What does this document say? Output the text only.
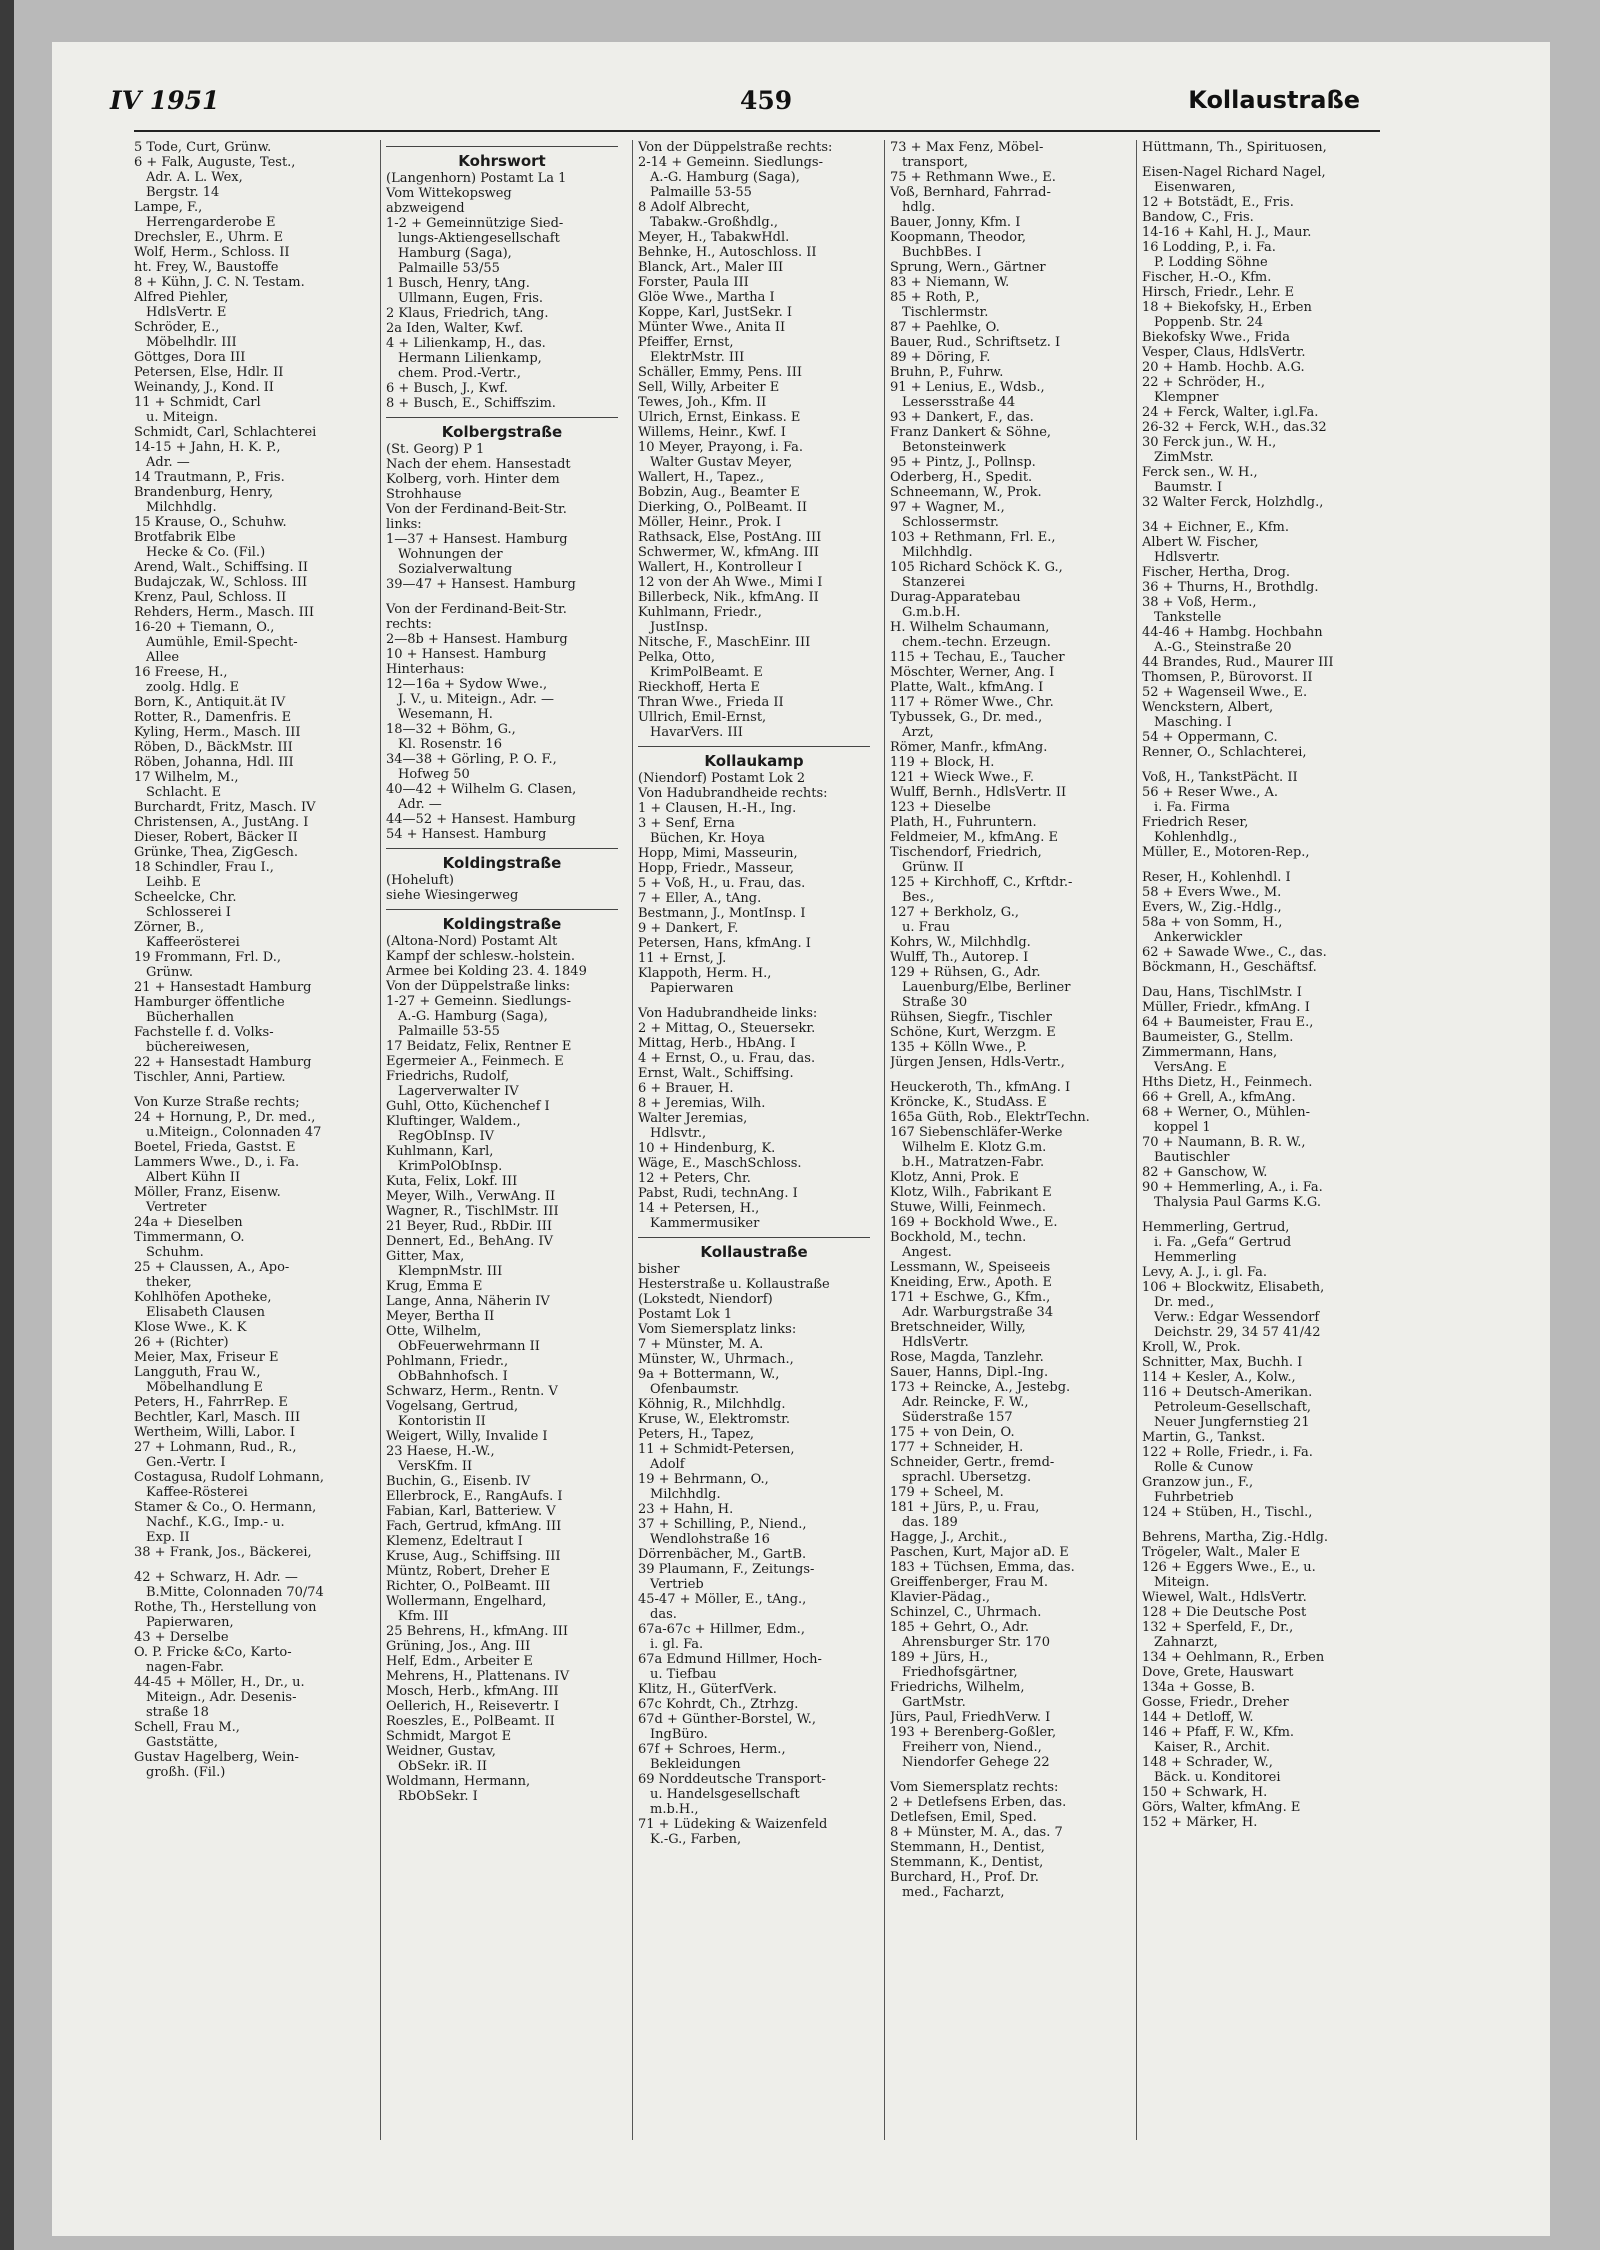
IV 1951	459	Kollaustraße
5 Tode, Curt, Grünw.
6 + Falk, Auguste, Test.,
Adr. A. L. Wex,
Bergstr. 14
Lampe, F.,
Herrengarderobe E
Drechsler, E., Uhrm. E
Wolf, Herm., Schloss. II
ht. Frey, W., Baustoffe
8 + Kühn, J. C. N. Testam.
Alfred Piehler,
HdlsVertr. E
Schröder, E.,
Möbelhdlr. III
Göttges, Dora III
Petersen, Else, Hdlr. II
Weinandy, J., Kond. II
11 + Schmidt, Carl
u. Miteign.
Schmidt, Carl, Schlachterei
14-15 + Jahn, H. K. P.,
Adr. —
14 Trautmann, P., Fris.
Brandenburg, Henry,
Milchhdlg.
15 Krause, O., Schuhw.
Brotfabrik Elbe
Hecke & Co. (Fil.)
Arend, Walt., Schiffsing. II
Budajczak, W., Schloss. III
Krenz, Paul, Schloss. II
Rehders, Herm., Masch. III
16-20 + Tiemann, O.,
Aumühle, Emil-Specht-
Allee
16 Freese, H.,
zoolg. Hdlg. E
Born, K., Antiquit.ät IV
Rotter, R., Damenfris. E
Kyling, Herm., Masch. III
Röben, D., BäckMstr. III
Röben, Johanna, Hdl. III
17 Wilhelm, M.,
Schlacht. E
Burchardt, Fritz, Masch. IV
Christensen, A., JustAng. I
Dieser, Robert, Bäcker II
Grünke, Thea, ZigGesch.
18 Schindler, Frau I.,
Leihb. E
Scheelcke, Chr.
Schlosserei I
Zörner, B.,
Kaffeerösterei
19 Frommann, Frl. D.,
Grünw.
21 + Hansestadt Hamburg
Hamburger öffentliche
Bücherhallen
Fachstelle f. d. Volks-
büchereiwesen,
22 + Hansestadt Hamburg
Tischler, Anni, Partiew.
Von Kurze Straße rechts;
24 + Hornung, P., Dr. med.,
u.Miteign., Colonnaden 47
Boetel, Frieda, Gastst. E
Lammers Wwe., D., i. Fa.
Albert Kühn II
Möller, Franz, Eisenw.
Vertreter
24a + Dieselben
Timmermann, O.
Schuhm.
25 + Claussen, A., Apo-
theker,
Kohlhöfen Apotheke,
Elisabeth Clausen
Klose Wwe., K. K
26 + (Richter)
Meier, Max, Friseur E
Langguth, Frau W.,
Möbelhandlung E
Peters, H., FahrrRep. E
Bechtler, Karl, Masch. III
Wertheim, Willi, Labor. I
27 + Lohmann, Rud., R.,
Gen.-Vertr. I
Costagusa, Rudolf Lohmann,
Kaffee-Rösterei
Stamer & Co., O. Hermann,
Nachf., K.G., Imp.- u.
Exp. II
38 + Frank, Jos., Bäckerei,
42 + Schwarz, H. Adr. —
B.Mitte, Colonnaden 70/74
Rothe, Th., Herstellung von
Papierwaren,
43 + Derselbe
O. P. Fricke &Co, Karto-
nagen-Fabr.
44-45 + Möller, H., Dr., u.
Miteign., Adr. Desenis-
straße 18
Schell, Frau M.,
Gaststätte,
Gustav Hagelberg, Wein-
großh. (Fil.)
Kohrswort
(Langenhorn) Postamt La 1
Vom Wittekopsweg
abzweigend
1-2 + Gemeinnützige Sied-
lungs-Aktiengesellschaft
Hamburg (Saga),
Palmaille 53/55
1 Busch, Henry, tAng.
Ullmann, Eugen, Fris.
2 Klaus, Friedrich, tAng.
2a Iden, Walter, Kwf.
4 + Lilienkamp, H., das.
Hermann Lilienkamp,
chem. Prod.-Vertr.,
6 + Busch, J., Kwf.
8 + Busch, E., Schiffszim.
Kolbergstraße
(St. Georg) P 1
Nach der ehem. Hansestadt
Kolberg, vorh. Hinter dem
Strohhause
Von der Ferdinand-Beit-Str.
links:
1—37 + Hansest. Hamburg
Wohnungen der
Sozialverwaltung
39—47 + Hansest. Hamburg
Von der Ferdinand-Beit-Str.
rechts:
2—8b + Hansest. Hamburg
10 + Hansest. Hamburg
Hinterhaus:
12—16a + Sydow Wwe.,
J. V., u. Miteign., Adr. —
Wesemann, H.
18—32 + Böhm, G.,
Kl. Rosenstr. 16
34—38 + Görling, P. O. F.,
Hofweg 50
40—42 + Wilhelm G. Clasen,
Adr. —
44—52 + Hansest. Hamburg
54 + Hansest. Hamburg
Koldingstraße
(Hoheluft)
siehe Wiesingerweg
Koldingstraße
(Altona-Nord) Postamt Alt
Kampf der schlesw.-holstein.
Armee bei Kolding 23. 4. 1849
Von der Düppelstraße links:
1-27 + Gemeinn. Siedlungs-
A.-G. Hamburg (Saga),
Palmaille 53-55
17 Beidatz, Felix, Rentner E
Egermeier A., Feinmech. E
Friedrichs, Rudolf,
Lagerverwalter IV
Guhl, Otto, Küchenchef I
Kluftinger, Waldem.,
RegObInsp. IV
Kuhlmann, Karl,
KrimPolObInsp.
Kuta, Felix, Lokf. III
Meyer, Wilh., VerwAng. II
Wagner, R., TischlMstr. III
21 Beyer, Rud., RbDir. III
Dennert, Ed., BehAng. IV
Gitter, Max,
KlempnMstr. III
Krug, Emma E
Lange, Anna, Näherin IV
Meyer, Bertha II
Otte, Wilhelm,
ObFeuerwehrmann II
Pohlmann, Friedr.,
ObBahnhofsch. I
Schwarz, Herm., Rentn. V
Vogelsang, Gertrud,
Kontoristin II
Weigert, Willy, Invalide I
23 Haese, H.-W.,
VersKfm. II
Buchin, G., Eisenb. IV
Ellerbrock, E., RangAufs. I
Fabian, Karl, Batteriew. V
Fach, Gertrud, kfmAng. III
Klemenz, Edeltraut I
Kruse, Aug., Schiffsing. III
Müntz, Robert, Dreher E
Richter, O., PolBeamt. III
Wollermann, Engelhard,
Kfm. III
25 Behrens, H., kfmAng. III
Grüning, Jos., Ang. III
Helf, Edm., Arbeiter E
Mehrens, H., Plattenans. IV
Mosch, Herb., kfmAng. III
Oellerich, H., Reisevertr. I
Roeszles, E., PolBeamt. II
Schmidt, Margot E
Weidner, Gustav,
ObSekr. iR. II
Woldmann, Hermann,
RbObSekr. I
Von der Düppelstraße rechts:
2-14 + Gemeinn. Siedlungs-
A.-G. Hamburg (Saga),
Palmaille 53-55
8 Adolf Albrecht,
Tabakw.-Großhdlg.,
Meyer, H., TabakwHdl.
Behnke, H., Autoschloss. II
Blanck, Art., Maler III
Forster, Paula III
Glöe Wwe., Martha I
Koppe, Karl, JustSekr. I
Münter Wwe., Anita II
Pfeiffer, Ernst,
ElektrMstr. III
Schäller, Emmy, Pens. III
Sell, Willy, Arbeiter E
Tewes, Joh., Kfm. II
Ulrich, Ernst, Einkass. E
Willems, Heinr., Kwf. I
10 Meyer, Prayong, i. Fa.
Walter Gustav Meyer,
Wallert, H., Tapez.,
Bobzin, Aug., Beamter E
Dierking, O., PolBeamt. II
Möller, Heinr., Prok. I
Rathsack, Else, PostAng. III
Schwermer, W., kfmAng. III
Wallert, H., Kontrolleur I
12 von der Ah Wwe., Mimi I
Billerbeck, Nik., kfmAng. II
Kuhlmann, Friedr.,
JustInsp.
Nitsche, F., MaschEinr. III
Pelka, Otto,
KrimPolBeamt. E
Rieckhoff, Herta E
Thran Wwe., Frieda II
Ullrich, Emil-Ernst,
HavarVers. III
Kollaukamp
(Niendorf) Postamt Lok 2
Von Hadubrandheide rechts:
1 + Clausen, H.-H., Ing.
3 + Senf, Erna
Büchen, Kr. Hoya
Hopp, Mimi, Masseurin,
Hopp, Friedr., Masseur,
5 + Voß, H., u. Frau, das.
7 + Eller, A., tAng.
Bestmann, J., MontInsp. I
9 + Dankert, F.
Petersen, Hans, kfmAng. I
11 + Ernst, J.
Klappoth, Herm. H.,
Papierwaren
Von Hadubrandheide links:
2 + Mittag, O., Steuersekr.
Mittag, Herb., HbAng. I
4 + Ernst, O., u. Frau, das.
Ernst, Walt., Schiffsing.
6 + Brauer, H.
8 + Jeremias, Wilh.
Walter Jeremias,
Hdlsvtr.,
10 + Hindenburg, K.
Wäge, E., MaschSchloss.
12 + Peters, Chr.
Pabst, Rudi, technAng. I
14 + Petersen, H.,
Kammermusiker
Kollaustraße
bisher
Hesterstraße u. Kollaustraße
(Lokstedt, Niendorf)
Postamt Lok 1
Vom Siemersplatz links:
7 + Münster, M. A.
Münster, W., Uhrmach.,
9a + Bottermann, W.,
Ofenbaumstr.
Köhnig, R., Milchhdlg.
Kruse, W., Elektromstr.
Peters, H., Tapez,
11 + Schmidt-Petersen,
Adolf
19 + Behrmann, O.,
Milchhdlg.
23 + Hahn, H.
37 + Schilling, P., Niend.,
Wendlohstraße 16
Dörrenbächer, M., GartB.
39 Plaumann, F., Zeitungs-
Vertrieb
45-47 + Möller, E., tAng.,
das.
67a-67c + Hillmer, Edm.,
i. gl. Fa.
67a Edmund Hillmer, Hoch-
u. Tiefbau
Klitz, H., GüterfVerk.
67c Kohrdt, Ch., Ztrhzg.
67d + Günther-Borstel, W.,
IngBüro.
67f + Schroes, Herm.,
Bekleidungen
69 Norddeutsche Transport-
u. Handelsgesellschaft
m.b.H.,
71 + Lüdeking & Waizenfeld
K.-G., Farben,
73 + Max Fenz, Möbel-
transport,
75 + Rethmann Wwe., E.
Voß, Bernhard, Fahrrad-
hdlg.
Bauer, Jonny, Kfm. I
Koopmann, Theodor,
BuchbBes. I
Sprung, Wern., Gärtner
83 + Niemann, W.
85 + Roth, P.,
Tischlermstr.
87 + Paehlke, O.
Bauer, Rud., Schriftsetz. I
89 + Döring, F.
Bruhn, P., Fuhrw.
91 + Lenius, E., Wdsb.,
Lessersstraße 44
93 + Dankert, F., das.
Franz Dankert & Söhne,
Betonsteinwerk
95 + Pintz, J., Pollnsp.
Oderberg, H., Spedit.
Schneemann, W., Prok.
97 + Wagner, M.,
Schlossermstr.
103 + Rethmann, Frl. E.,
Milchhdlg.
105 Richard Schöck K. G.,
Stanzerei
Durag-Apparatebau
G.m.b.H.
H. Wilhelm Schaumann,
chem.-techn. Erzeugn.
115 + Techau, E., Taucher
Möschter, Werner, Ang. I
Platte, Walt., kfmAng. I
117 + Römer Wwe., Chr.
Tybussek, G., Dr. med.,
Arzt,
Römer, Manfr., kfmAng.
119 + Block, H.
121 + Wieck Wwe., F.
Wulff, Bernh., HdlsVertr. II
123 + Dieselbe
Plath, H., Fuhruntern.
Feldmeier, M., kfmAng. E
Tischendorf, Friedrich,
Grünw. II
125 + Kirchhoff, C., Krftdr.-
Bes.,
127 + Berkholz, G.,
u. Frau
Kohrs, W., Milchhdlg.
Wulff, Th., Autorep. I
129 + Rühsen, G., Adr.
Lauenburg/Elbe, Berliner
Straße 30
Rühsen, Siegfr., Tischler
Schöne, Kurt, Werzgm. E
135 + Kölln Wwe., P.
Jürgen Jensen, Hdls-Vertr.,
Heuckeroth, Th., kfmAng. I
Kröncke, K., StudAss. E
165a Güth, Rob., ElektrTechn.
167 Siebenschläfer-Werke
Wilhelm E. Klotz G.m.
b.H., Matratzen-Fabr.
Klotz, Anni, Prok. E
Klotz, Wilh., Fabrikant E
Stuwe, Willi, Feinmech.
169 + Bockhold Wwe., E.
Bockhold, M., techn.
Angest.
Lessmann, W., Speiseeis
Kneiding, Erw., Apoth. E
171 + Eschwe, G., Kfm.,
Adr. Warburgstraße 34
Bretschneider, Willy,
HdlsVertr.
Rose, Magda, Tanzlehr.
Sauer, Hanns, Dipl.-Ing.
173 + Reincke, A., Jestebg.
Adr. Reincke, F. W.,
Süderstraße 157
175 + von Dein, O.
177 + Schneider, H.
Schneider, Gertr., fremd-
sprachl. Übersetzg.
179 + Scheel, M.
181 + Jürs, P., u. Frau,
das. 189
Hagge, J., Archit.,
Paschen, Kurt, Major aD. E
183 + Tüchsen, Emma, das.
Greiffenberger, Frau M.
Klavier-Pädag.,
Schinzel, C., Uhrmach.
185 + Gehrt, O., Adr.
Ahrensburger Str. 170
189 + Jürs, H.,
Friedhofsgärtner,
Friedrichs, Wilhelm,
GartMstr.
Jürs, Paul, FriedhVerw. I
193 + Berenberg-Goßler,
Freiherr von, Niend.,
Niendorfer Gehege 22
Vom Siemersplatz rechts:
2 + Detlefsens Erben, das.
Detlefsen, Emil, Sped.
8 + Münster, M. A., das. 7
Stemmann, H., Dentist,
Stemmann, K., Dentist,
Burchard, H., Prof. Dr.
med., Facharzt,
Hüttmann, Th., Spirituosen,
Eisen-Nagel Richard Nagel,
Eisenwaren,
12 + Botstädt, E., Fris.
Bandow, C., Fris.
14-16 + Kahl, H. J., Maur.
16 Lodding, P., i. Fa.
P. Lodding Söhne
Fischer, H.-O., Kfm.
Hirsch, Friedr., Lehr. E
18 + Biekofsky, H., Erben
Poppenb. Str. 24
Biekofsky Wwe., Frida
Vesper, Claus, HdlsVertr.
20 + Hamb. Hochb. A.G.
22 + Schröder, H.,
Klempner
24 + Ferck, Walter, i.gl.Fa.
26-32 + Ferck, W.H., das.32
30 Ferck jun., W. H.,
ZimMstr.
Ferck sen., W. H.,
Baumstr. I
32 Walter Ferck, Holzhdlg.,
34 + Eichner, E., Kfm.
Albert W. Fischer,
Hdlsvertr.
Fischer, Hertha, Drog.
36 + Thurns, H., Brothdlg.
38 + Voß, Herm.,
Tankstelle
44-46 + Hambg. Hochbahn
A.-G., Steinstraße 20
44 Brandes, Rud., Maurer III
Thomsen, P., Bürovorst. II
52 + Wagenseil Wwe., E.
Wenckstern, Albert,
Masching. I
54 + Oppermann, C.
Renner, O., Schlachterei,
Voß, H., TankstPächt. II
56 + Reser Wwe., A.
i. Fa. Firma
Friedrich Reser,
Kohlenhdlg.,
Müller, E., Motoren-Rep.,
Reser, H., Kohlenhdl. I
58 + Evers Wwe., M.
Evers, W., Zig.-Hdlg.,
58a + von Somm, H.,
Ankerwickler
62 + Sawade Wwe., C., das.
Böckmann, H., Geschäftsf.
Dau, Hans, TischlMstr. I
Müller, Friedr., kfmAng. I
64 + Baumeister, Frau E.,
Baumeister, G., Stellm.
Zimmermann, Hans,
VersAng. E
Hths Dietz, H., Feinmech.
66 + Grell, A., kfmAng.
68 + Werner, O., Mühlen-
koppel 1
70 + Naumann, B. R. W.,
Bautischler
82 + Ganschow, W.
90 + Hemmerling, A., i. Fa.
Thalysia Paul Garms K.G.
Hemmerling, Gertrud,
i. Fa. „Gefa“ Gertrud
Hemmerling
Levy, A. J., i. gl. Fa.
106 + Blockwitz, Elisabeth,
Dr. med.,
Verw.: Edgar Wessendorf
Deichstr. 29, 34 57 41/42
Kroll, W., Prok.
Schnitter, Max, Buchh. I
114 + Kesler, A., Kolw.,
116 + Deutsch-Amerikan.
Petroleum-Gesellschaft,
Neuer Jungfernstieg 21
Martin, G., Tankst.
122 + Rolle, Friedr., i. Fa.
Rolle & Cunow
Granzow jun., F.,
Fuhrbetrieb
124 + Stüben, H., Tischl.,
Behrens, Martha, Zig.-Hdlg.
Trögeler, Walt., Maler E
126 + Eggers Wwe., E., u.
Miteign.
Wiewel, Walt., HdlsVertr.
128 + Die Deutsche Post
132 + Sperfeld, F., Dr.,
Zahnarzt,
134 + Oehlmann, R., Erben
Dove, Grete, Hauswart
134a + Gosse, B.
Gosse, Friedr., Dreher
144 + Detloff, W.
146 + Pfaff, F. W., Kfm.
Kaiser, R., Archit.
148 + Schrader, W.,
Bäck. u. Konditorei
150 + Schwark, H.
Görs, Walter, kfmAng. E
152 + Märker, H.
